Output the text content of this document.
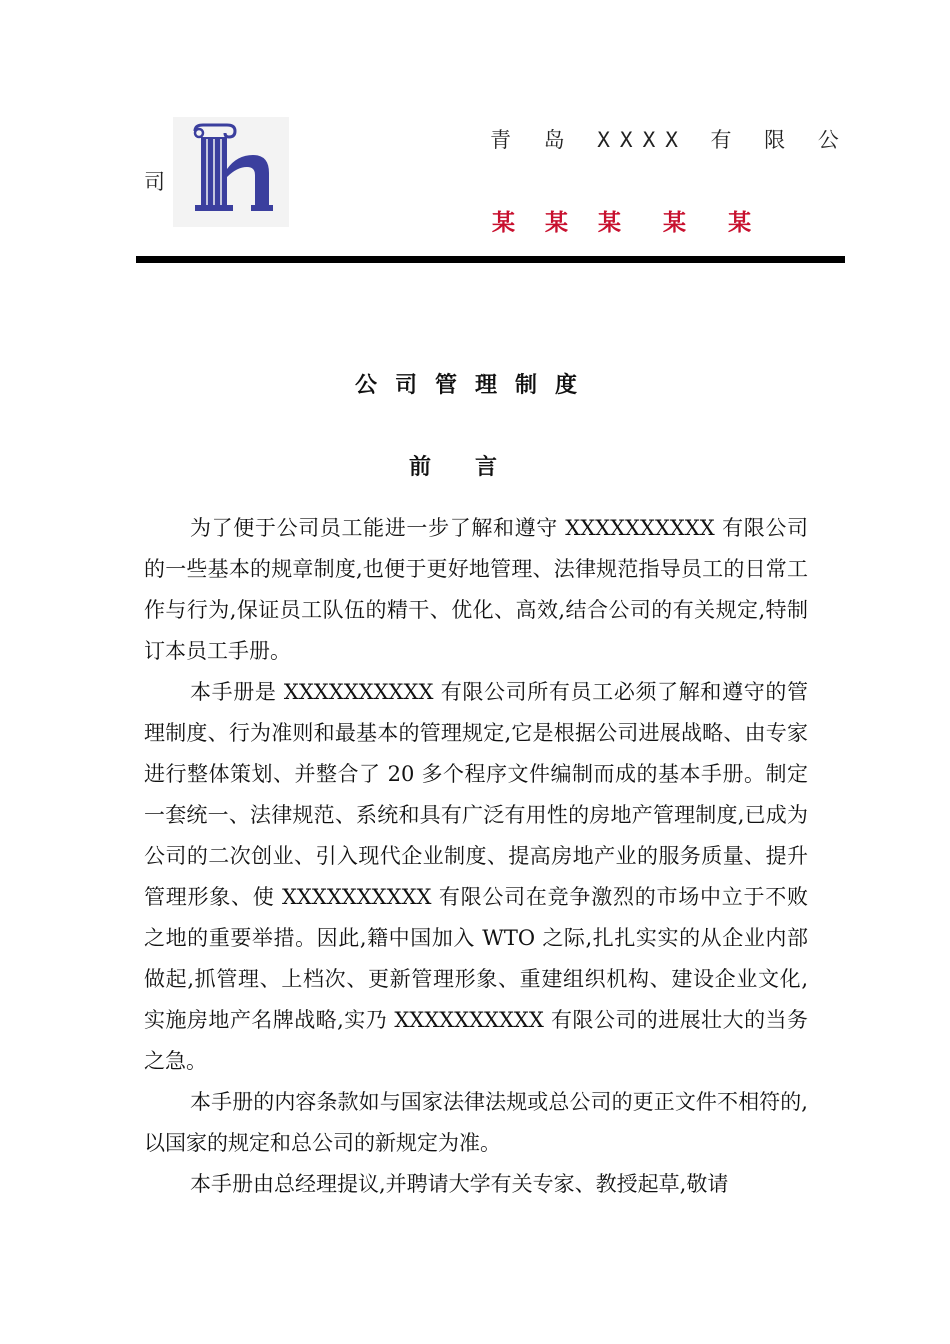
青 岛 XXXX 有 限 公
司
某 某 某 某 某
公司管理制度
前言

为了便于公司员工能进一步了解和遵守 XXXXXXXXXX 有限公司的一些基本的规章制度,也便于更好地管理、法律规范指导员工的日常工作与行为,保证员工队伍的精干、优化、高效,结合公司的有关规定,特制订本员工手册。

本手册是 XXXXXXXXXX 有限公司所有员工必须了解和遵守的管理制度、行为准则和最基本的管理规定,它是根据公司进展战略、由专家进行整体策划、并整合了 20 多个程序文件编制而成的基本手册。制定一套统一、法律规范、系统和具有广泛有用性的房地产管理制度,已成为公司的二次创业、引入现代企业制度、提高房地产业的服务质量、提升管理形象、使 XXXXXXXXXX 有限公司在竞争激烈的市场中立于不败之地的重要举措。因此,籍中国加入 WTO 之际,扎扎实实的从企业内部做起,抓管理、上档次、更新管理形象、重建组织机构、建设企业文化,实施房地产名牌战略,实乃 XXXXXXXXXX 有限公司的进展壮大的当务之急。

本手册的内容条款如与国家法律法规或总公司的更正文件不相符的,以国家的规定和总公司的新规定为准。

本手册由总经理提议,并聘请大学有关专家、教授起草,敬请
